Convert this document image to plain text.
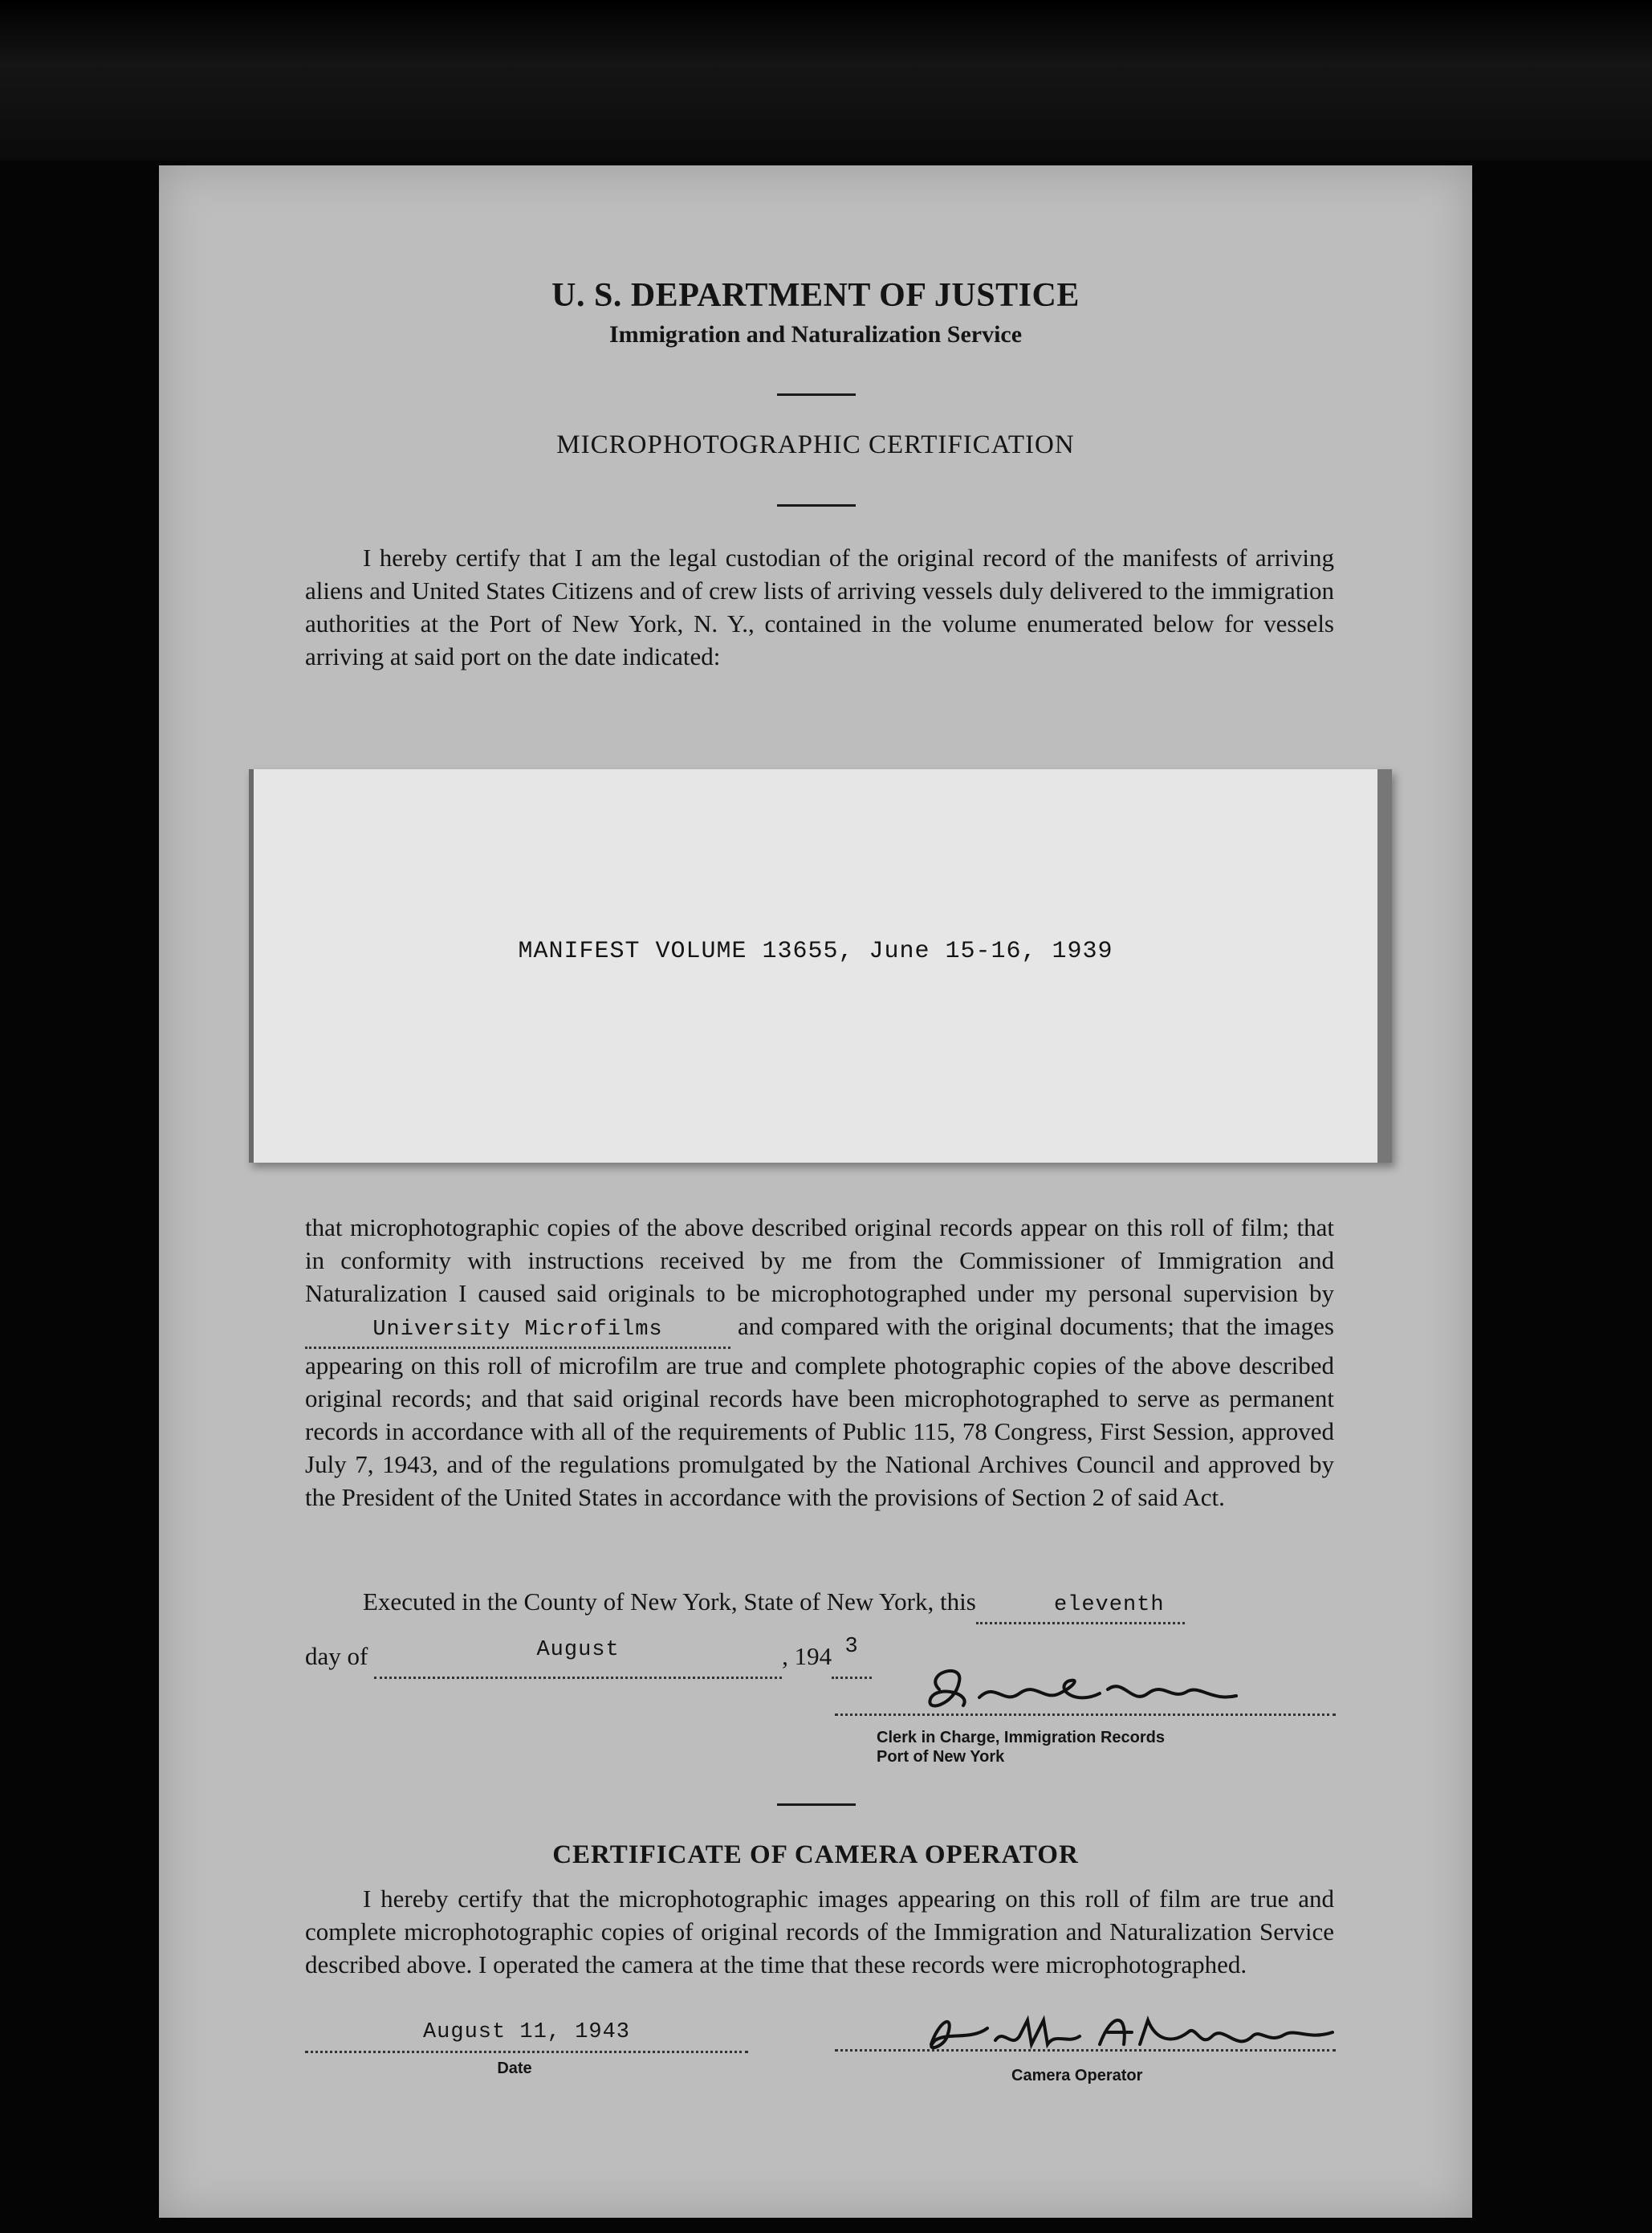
U. S. DEPARTMENT OF JUSTICE
Immigration and Naturalization Service
MICROPHOTOGRAPHIC CERTIFICATION
I hereby certify that I am the legal custodian of the original record of the manifests of arriving aliens and United States Citizens and of crew lists of arriving vessels duly delivered to the immigration authorities at the Port of New York, N. Y., contained in the volume enumerated below for vessels arriving at said port on the date indicated:
MANIFEST VOLUME 13655, June 15-16, 1939
that microphotographic copies of the above described original records appear on this roll of film; that in conformity with instructions received by me from the Commissioner of Immigration and Naturalization I caused said originals to be microphotographed under my personal supervision byUniversity Microfilms	and compared with the original documents; that the images appearing on this roll of microfilm are true and complete photographic copies of the above described original records; and that said original records have been microphotographed to serve as permanent records in accordance with all of the requirements of Public 115, 78 Congress, First Session, approved July 7, 1943, and of the regulations promulgated by the National Archives Council and approved by the President of the United States in accordance with the provisions of Section 2 of said Act.
Executed in the County of New York, State of New York, this	eleventh
day of	August	, 194 3
Clerk in Charge, Immigration Records
Port of New York
CERTIFICATE OF CAMERA OPERATOR
I hereby certify that the microphotographic images appearing on this roll of film are true and complete microphotographic copies of original records of the Immigration and Naturalization Service described above. I operated the camera at the time that these records were microphotographed.
August 11, 1943
Date	Camera Operator
